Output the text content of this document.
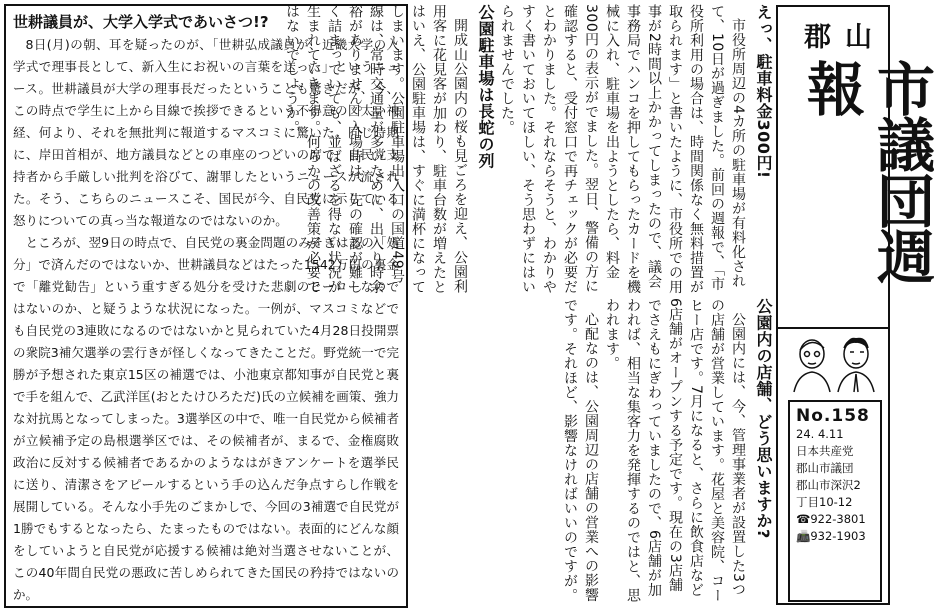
世耕議員が、大学入学式であいさつ!?

8日(月)の朝、耳を疑ったのが、「世耕弘成議員が、近畿大学の入学式で理事長として、新入生にお祝いの言葉を送った」というニュース。世耕議員が大学の理事長だったということも驚きだが、今、この時点で学生に上から目線で挨拶できるという不得意の図太い神経、何より、それを無批判に報道するマスコミに驚いた。同じ時期に、岸田首相が、地方議員などとの車座のつどいの席で、自民党支持者から手厳しい批判を浴びて、謝罪したというニュースが流された。そう、こちらのニュースこそ、国民が今、自民党に示している怒りについての真っ当な報道なのではないのか。

ところが、翌9日の時点で、自民党の裏金問題のみそぎはあの「処分」で済んだのではないか、世耕議員などはたった1542万円の裏金で「離党勧告」という重すぎる処分を受けた悲劇のヒーローなのではないのか、と疑うような状況になった。一例が、マスコミなどでも自民党の3連敗になるのではないかと見られていた4月28日投開票の衆院3補欠選挙の雲行きが怪しくなってきたことだ。野党統一で完勝が予想された東京15区の補選では、小池東京都知事が自民党と裏で手を組んで、乙武洋匡(おとたけひろただ)氏の立候補を画策、強力な対抗馬となってしまった。3選挙区の中で、唯一自民党から候補者が立候補予定の島根選挙区では、その候補者が、まるで、金権腐敗政治に反対する候補者であるかのようなはがきアンケートを選挙民に送り、清潔さをアピールするという手の込んだ争点すらし作戦を展開している。そんな小手先のごまかしで、今回の3補選で自民党が1勝でもするとなったら、たまったものではない。表面的にどんな顔をしていようと自民党が応援する候補は絶対当選させないことが、この40年間自民党の悪政に苦しめられてきた国民の矜持ではないのか。

えっ、駐車料金300円!

市役所周辺の4カ所の駐車場が有料化されて、10日が過ぎました。前回の週報で、「市役所利用の場合は、時間関係なく無料措置が取られます」と書いたように、市役所での用事が2時間以上かかってしまったので、議会事務局でハンコを押してもらったカードを機械に入れ、駐車場を出ようとしたら、料金300円の表示がでました。翌日、警備の方に確認すると、受付窓口で再チェックが必要だとわかりました。それならそうと、わかりやすく書いておいてほしい、そう思わずにはいられませんでした。

公園駐車場は長蛇の列

開成山公園内の桜も見ごろを迎え、公園利用客に花見客が加わり、駐車台数が増えたとはいえ、公園駐車場は、すぐに満杯になってしまいます。公園駐車場出入口の国道49号線は、常時交通量が多いために、出入り時余裕がありません。入場時は、先の確認が難しく詰まっていても、並ばざるを得ない状況が生まれていきます。何らかの改善策が必要ではないでしょうか。

公園内の店舗、どう思いますか?

公園内には、今、管理事業者が設置した3つの店舗が営業しています。花屋と美容院、コーヒー店です。7月になると、さらに飲食店など6店舗がオープンする予定です。現在の3店舗でさえもにぎわっていましたので、6店舗が加われば、相当な集客力を発揮するのではと、思われます。

心配なのは、公園周辺の店舗の営業への影響です。それほど、影響なければいいのですが。

郡山
市議団週報
No.158
24. 4.11
日本共産党
郡山市議団
郡山市深沢2
丁目10-12
☎922-3801
📠932-1903
